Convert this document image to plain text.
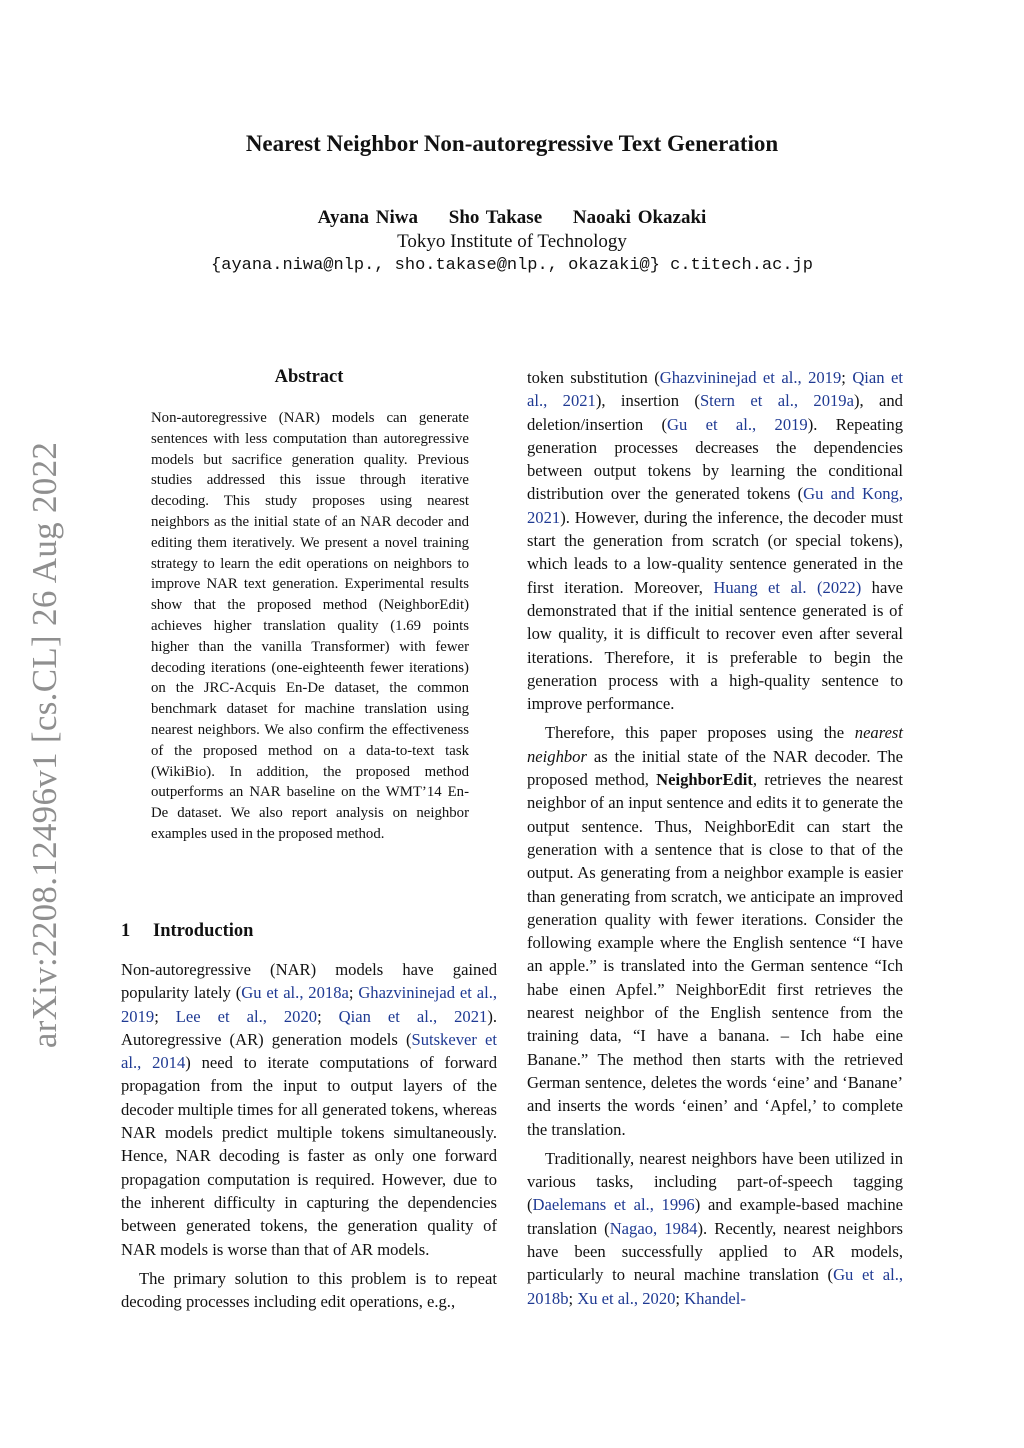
arXiv:2208.12496v1 [cs.CL] 26 Aug 2022
Nearest Neighbor Non-autoregressive Text Generation
Ayana Niwa Sho Takase Naoaki Okazaki
Tokyo Institute of Technology
{ayana.niwa@nlp., sho.takase@nlp., okazaki@} c.titech.ac.jp
Abstract
Non-autoregressive (NAR) models can generate sentences with less computation than autoregressive models but sacrifice generation quality. Previous studies addressed this issue through iterative decoding. This study proposes using nearest neighbors as the initial state of an NAR decoder and editing them iteratively. We present a novel training strategy to learn the edit operations on neighbors to improve NAR text generation. Experimental results show that the proposed method (NeighborEdit) achieves higher translation quality (1.69 points higher than the vanilla Transformer) with fewer decoding iterations (one-eighteenth fewer iterations) on the JRC-Acquis En-De dataset, the common benchmark dataset for machine translation using nearest neighbors. We also confirm the effectiveness of the proposed method on a data-to-text task (WikiBio). In addition, the proposed method outperforms an NAR baseline on the WMT’14 En-De dataset. We also report analysis on neighbor examples used in the proposed method.
1 Introduction

Non-autoregressive (NAR) models have gained popularity lately (Gu et al., 2018a; Ghazvininejad et al., 2019; Lee et al., 2020; Qian et al., 2021). Autoregressive (AR) generation models (Sutskever et al., 2014) need to iterate computations of forward propagation from the input to output layers of the decoder multiple times for all generated tokens, whereas NAR models predict multiple tokens simultaneously. Hence, NAR decoding is faster as only one forward propagation computation is required. However, due to the inherent difficulty in capturing the dependencies between generated tokens, the generation quality of NAR models is worse than that of AR models.

The primary solution to this problem is to repeat decoding processes including edit operations, e.g.,

token substitution (Ghazvininejad et al., 2019; Qian et al., 2021), insertion (Stern et al., 2019a), and deletion/insertion (Gu et al., 2019). Repeating generation processes decreases the dependencies between output tokens by learning the conditional distribution over the generated tokens (Gu and Kong, 2021). However, during the inference, the decoder must start the generation from scratch (or special tokens), which leads to a low-quality sentence generated in the first iteration. Moreover, Huang et al. (2022) have demonstrated that if the initial sentence generated is of low quality, it is difficult to recover even after several iterations. Therefore, it is preferable to begin the generation process with a high-quality sentence to improve performance.

Therefore, this paper proposes using the nearest neighbor as the initial state of the NAR decoder. The proposed method, NeighborEdit, retrieves the nearest neighbor of an input sentence and edits it to generate the output sentence. Thus, NeighborEdit can start the generation with a sentence that is close to that of the output. As generating from a neighbor example is easier than generating from scratch, we anticipate an improved generation quality with fewer iterations. Consider the following example where the English sentence “I have an apple.” is translated into the German sentence “Ich habe einen Apfel.” NeighborEdit first retrieves the nearest neighbor of the English sentence from the training data, “I have a banana. – Ich habe eine Banane.” The method then starts with the retrieved German sentence, deletes the words ‘eine’ and ‘Banane’ and inserts the words ‘einen’ and ‘Apfel,’ to complete the translation.

Traditionally, nearest neighbors have been utilized in various tasks, including part-of-speech tagging (Daelemans et al., 1996) and example-based machine translation (Nagao, 1984). Recently, nearest neighbors have been successfully applied to AR models, particularly to neural machine translation (Gu et al., 2018b; Xu et al., 2020; Khandel-
